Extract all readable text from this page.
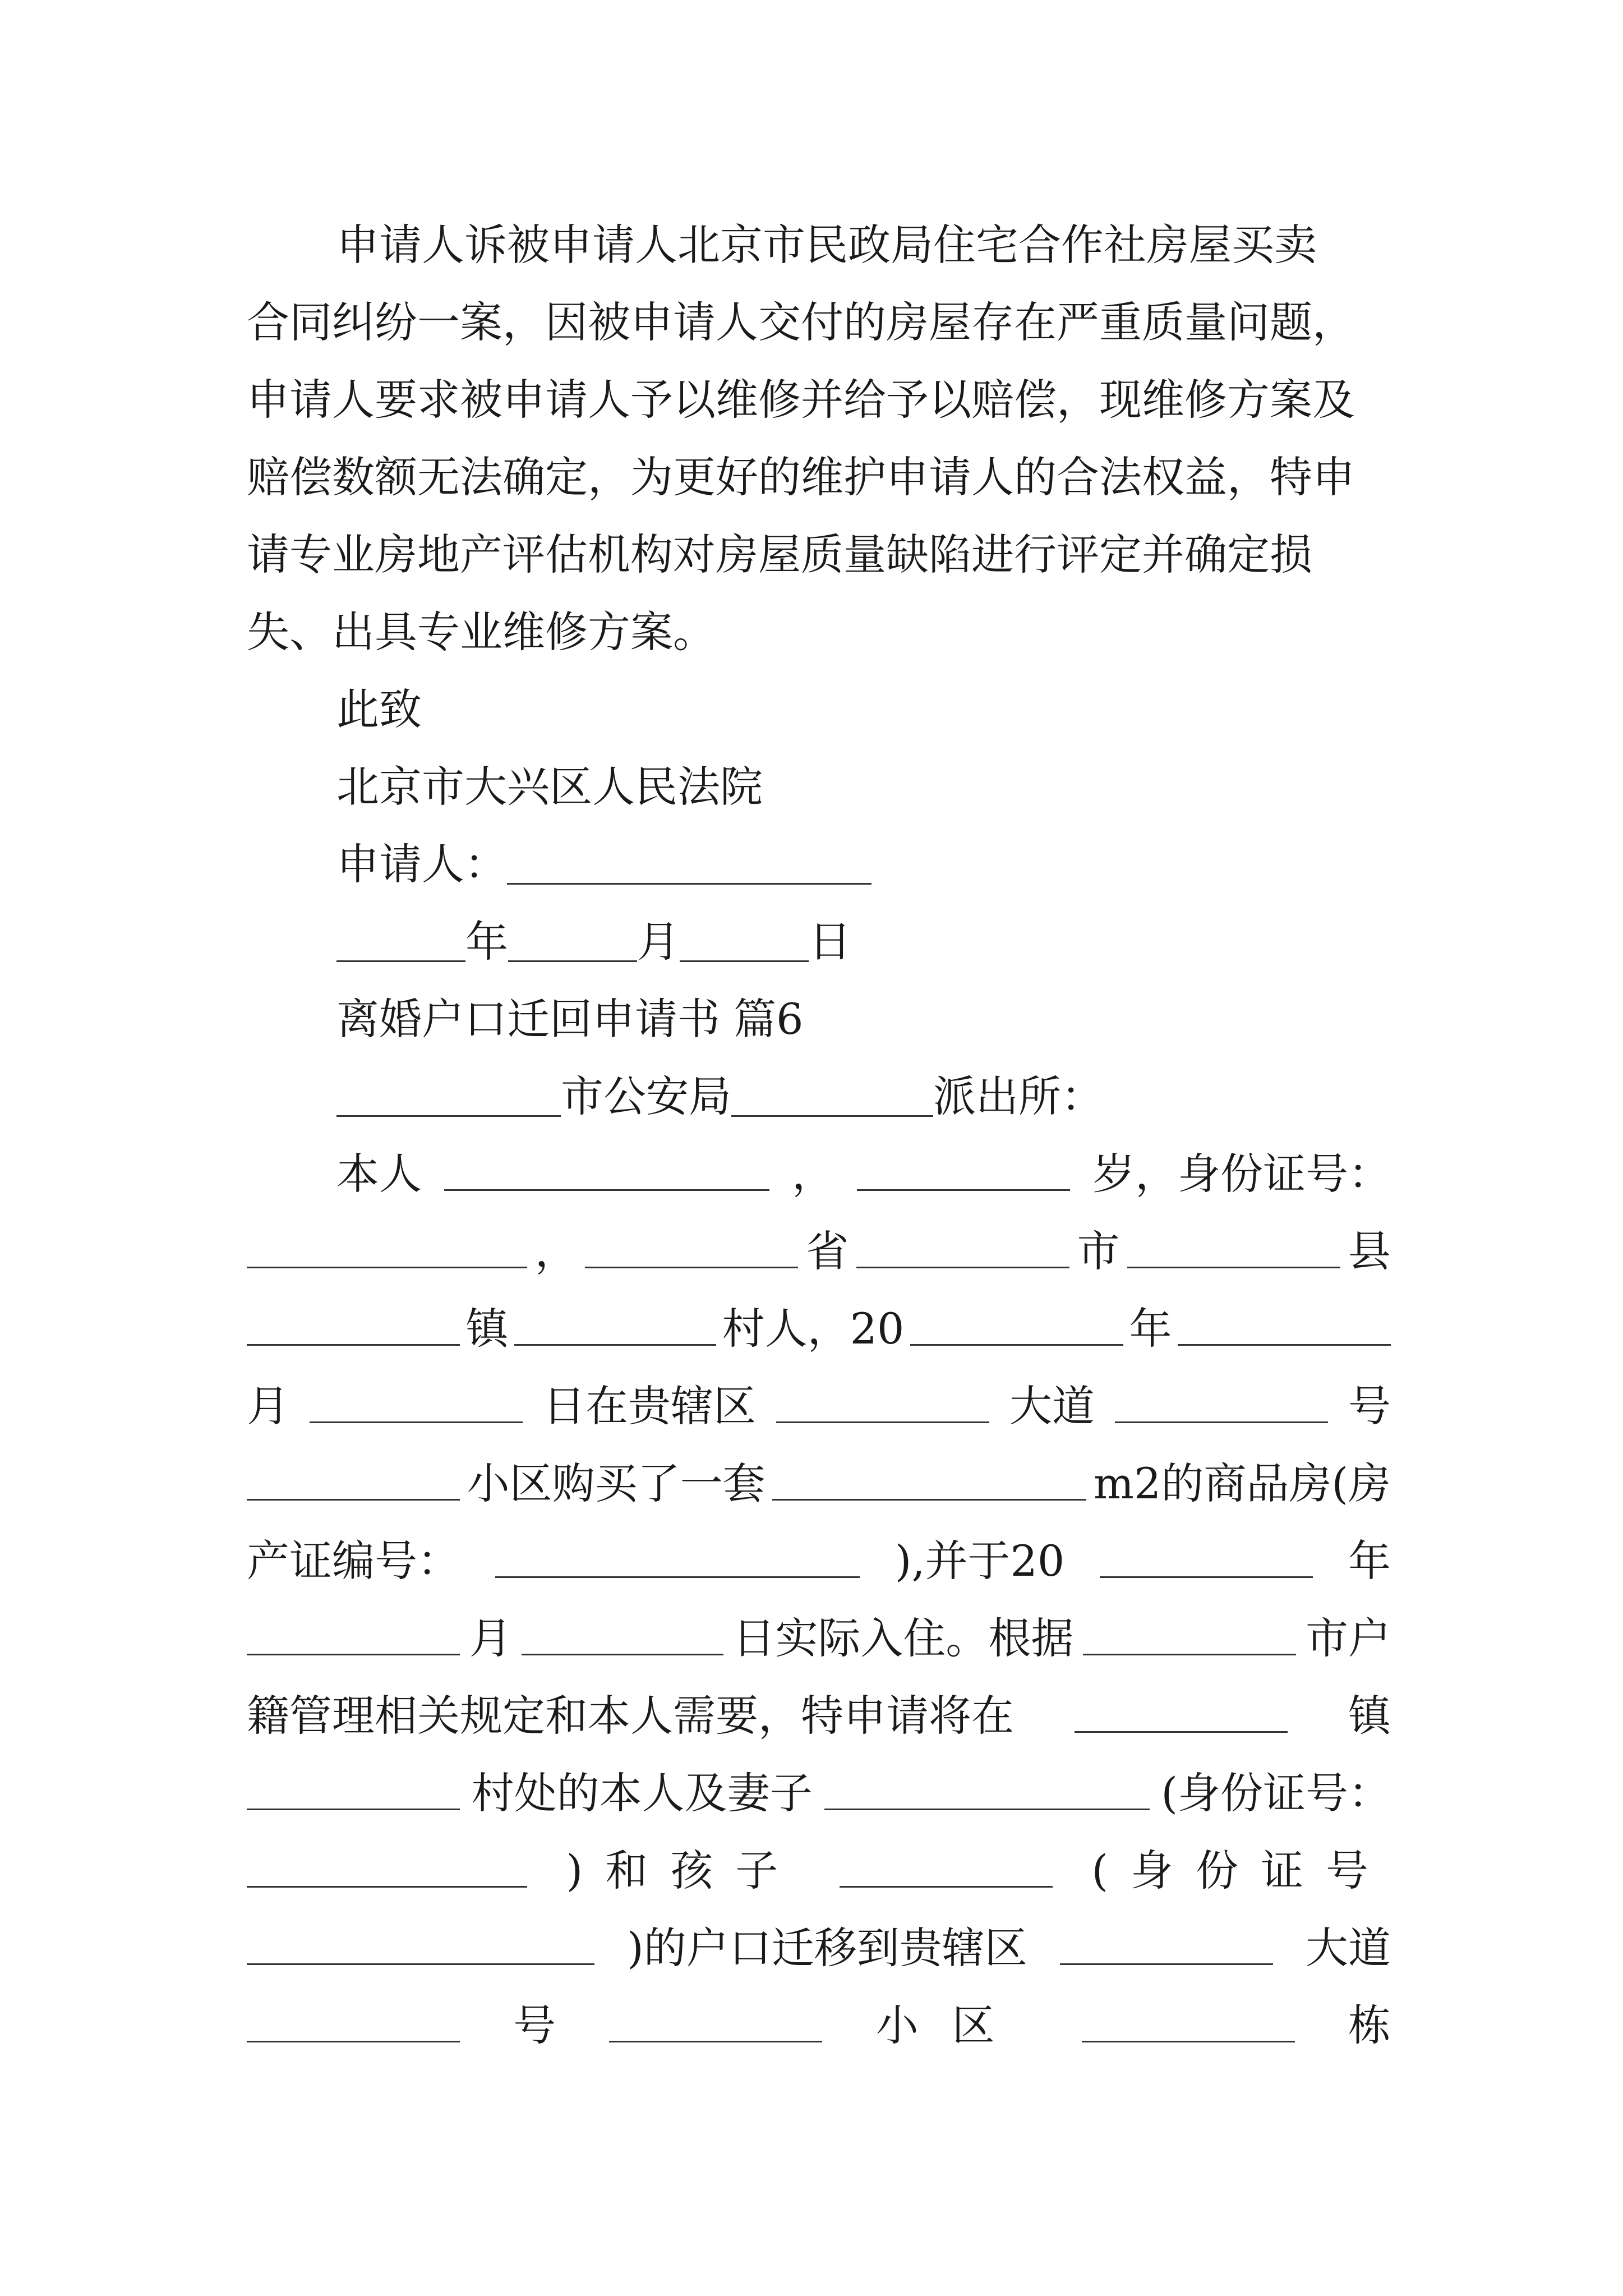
申请人诉被申请人北京市民政局住宅合作社房屋买卖
合同纠纷一案，因被申请人交付的房屋存在严重质量问题，
申请人要求被申请人予以维修并给予以赔偿，现维修方案及
赔偿数额无法确定，为更好的维护申请人的合法权益，特申
请专业房地产评估机构对房屋质量缺陷进行评定并确定损
失、出具专业维修方案。
此致
北京市大兴区人民法院
申请人：
年	月	日
离婚户口迁回申请书 篇6
市公安局	派出所：
本人	，	岁，身份证号：
，	省	市	县
镇	村人，20	年
月	日在贵辖区	大道	号
小区购买了一套	m2的商品房(房
产证编号：	),并于20	年
月	日实际入住。根据	市户
籍管理相关规定和本人需要，特申请将在	镇
村处的本人及妻子	(身份证号：
)和孩子	(身份证号
)的户口迁移到贵辖区	大道
号	小区	栋
